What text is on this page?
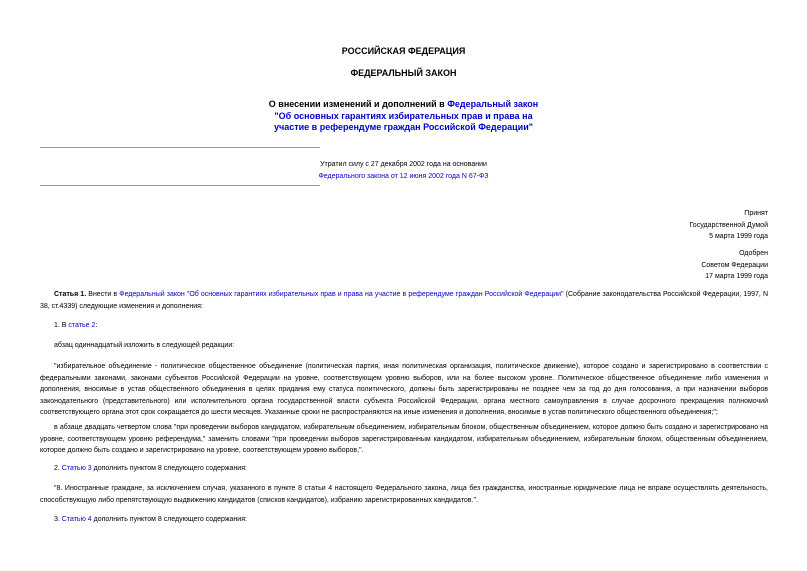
РОССИЙСКАЯ ФЕДЕРАЦИЯ
ФЕДЕРАЛЬНЫЙ ЗАКОН
О внесении изменений и дополнений в Федеральный закон
"Об основных гарантиях избирательных прав и права на
участие в референдуме граждан Российской Федерации"
Утратил силу с 27 декабря 2002 года на основании
Федерального закона от 12 июня 2002 года N 67-ФЗ
Принят
Государственной Думой
5 марта 1999 года
Одобрен
Советом Федерации
17 марта 1999 года
Статья 1. Внести в Федеральный закон "Об основных гарантиях избирательных прав и права на участие в референдуме граждан Российской Федерации" (Собрание законодательства Российской Федерации, 1997, N 38, ст.4339) следующие изменения и дополнения:
1. В статье 2:
абзац одиннадцатый изложить в следующей редакции:
"избирательное объединение - политическое общественное объединение (политическая партия, иная политическая организация, политическое движение), которое создано и зарегистрировано в соответствии с федеральными законами, законами субъектов Российской Федерации на уровне, соответствующем уровню выборов, или на более высоком уровне. Политическое общественное объединение либо изменения и дополнения, вносимые в устав общественного объединения в целях придания ему статуса политического, должны быть зарегистрированы не позднее чем за год до дня голосования, а при назначении выборов законодательного (представительного) или исполнительного органа государственной власти субъекта Российской Федерации, органа местного самоуправления в случае досрочного прекращения полномочий соответствующего органа этот срок сокращается до шести месяцев. Указанные сроки не распространяются на иные изменения и дополнения, вносимые в устав политического общественного объединения;";
в абзаце двадцать четвертом слова "при проведении выборов кандидатом, избирательным объединением, избирательным блоком, общественным объединением, которое должно быть создано и зарегистрировано на уровне, соответствующем уровню референдума," заменить словами "при проведении выборов зарегистрированным кандидатом, избирательным объединением, избирательным блоком, общественным объединением, которое должно быть создано и зарегистрировано на уровне, соответствующем уровню выборов,".
2. Статью 3 дополнить пунктом 8 следующего содержания:
"8. Иностранные граждане, за исключением случая, указанного в пункте 8 статьи 4 настоящего Федерального закона, лица без гражданства, иностранные юридические лица не вправе осуществлять деятельность, способствующую либо препятствующую выдвижению кандидатов (списков кандидатов), избранию зарегистрированных кандидатов.".
3. Статью 4 дополнить пунктом 8 следующего содержания:
